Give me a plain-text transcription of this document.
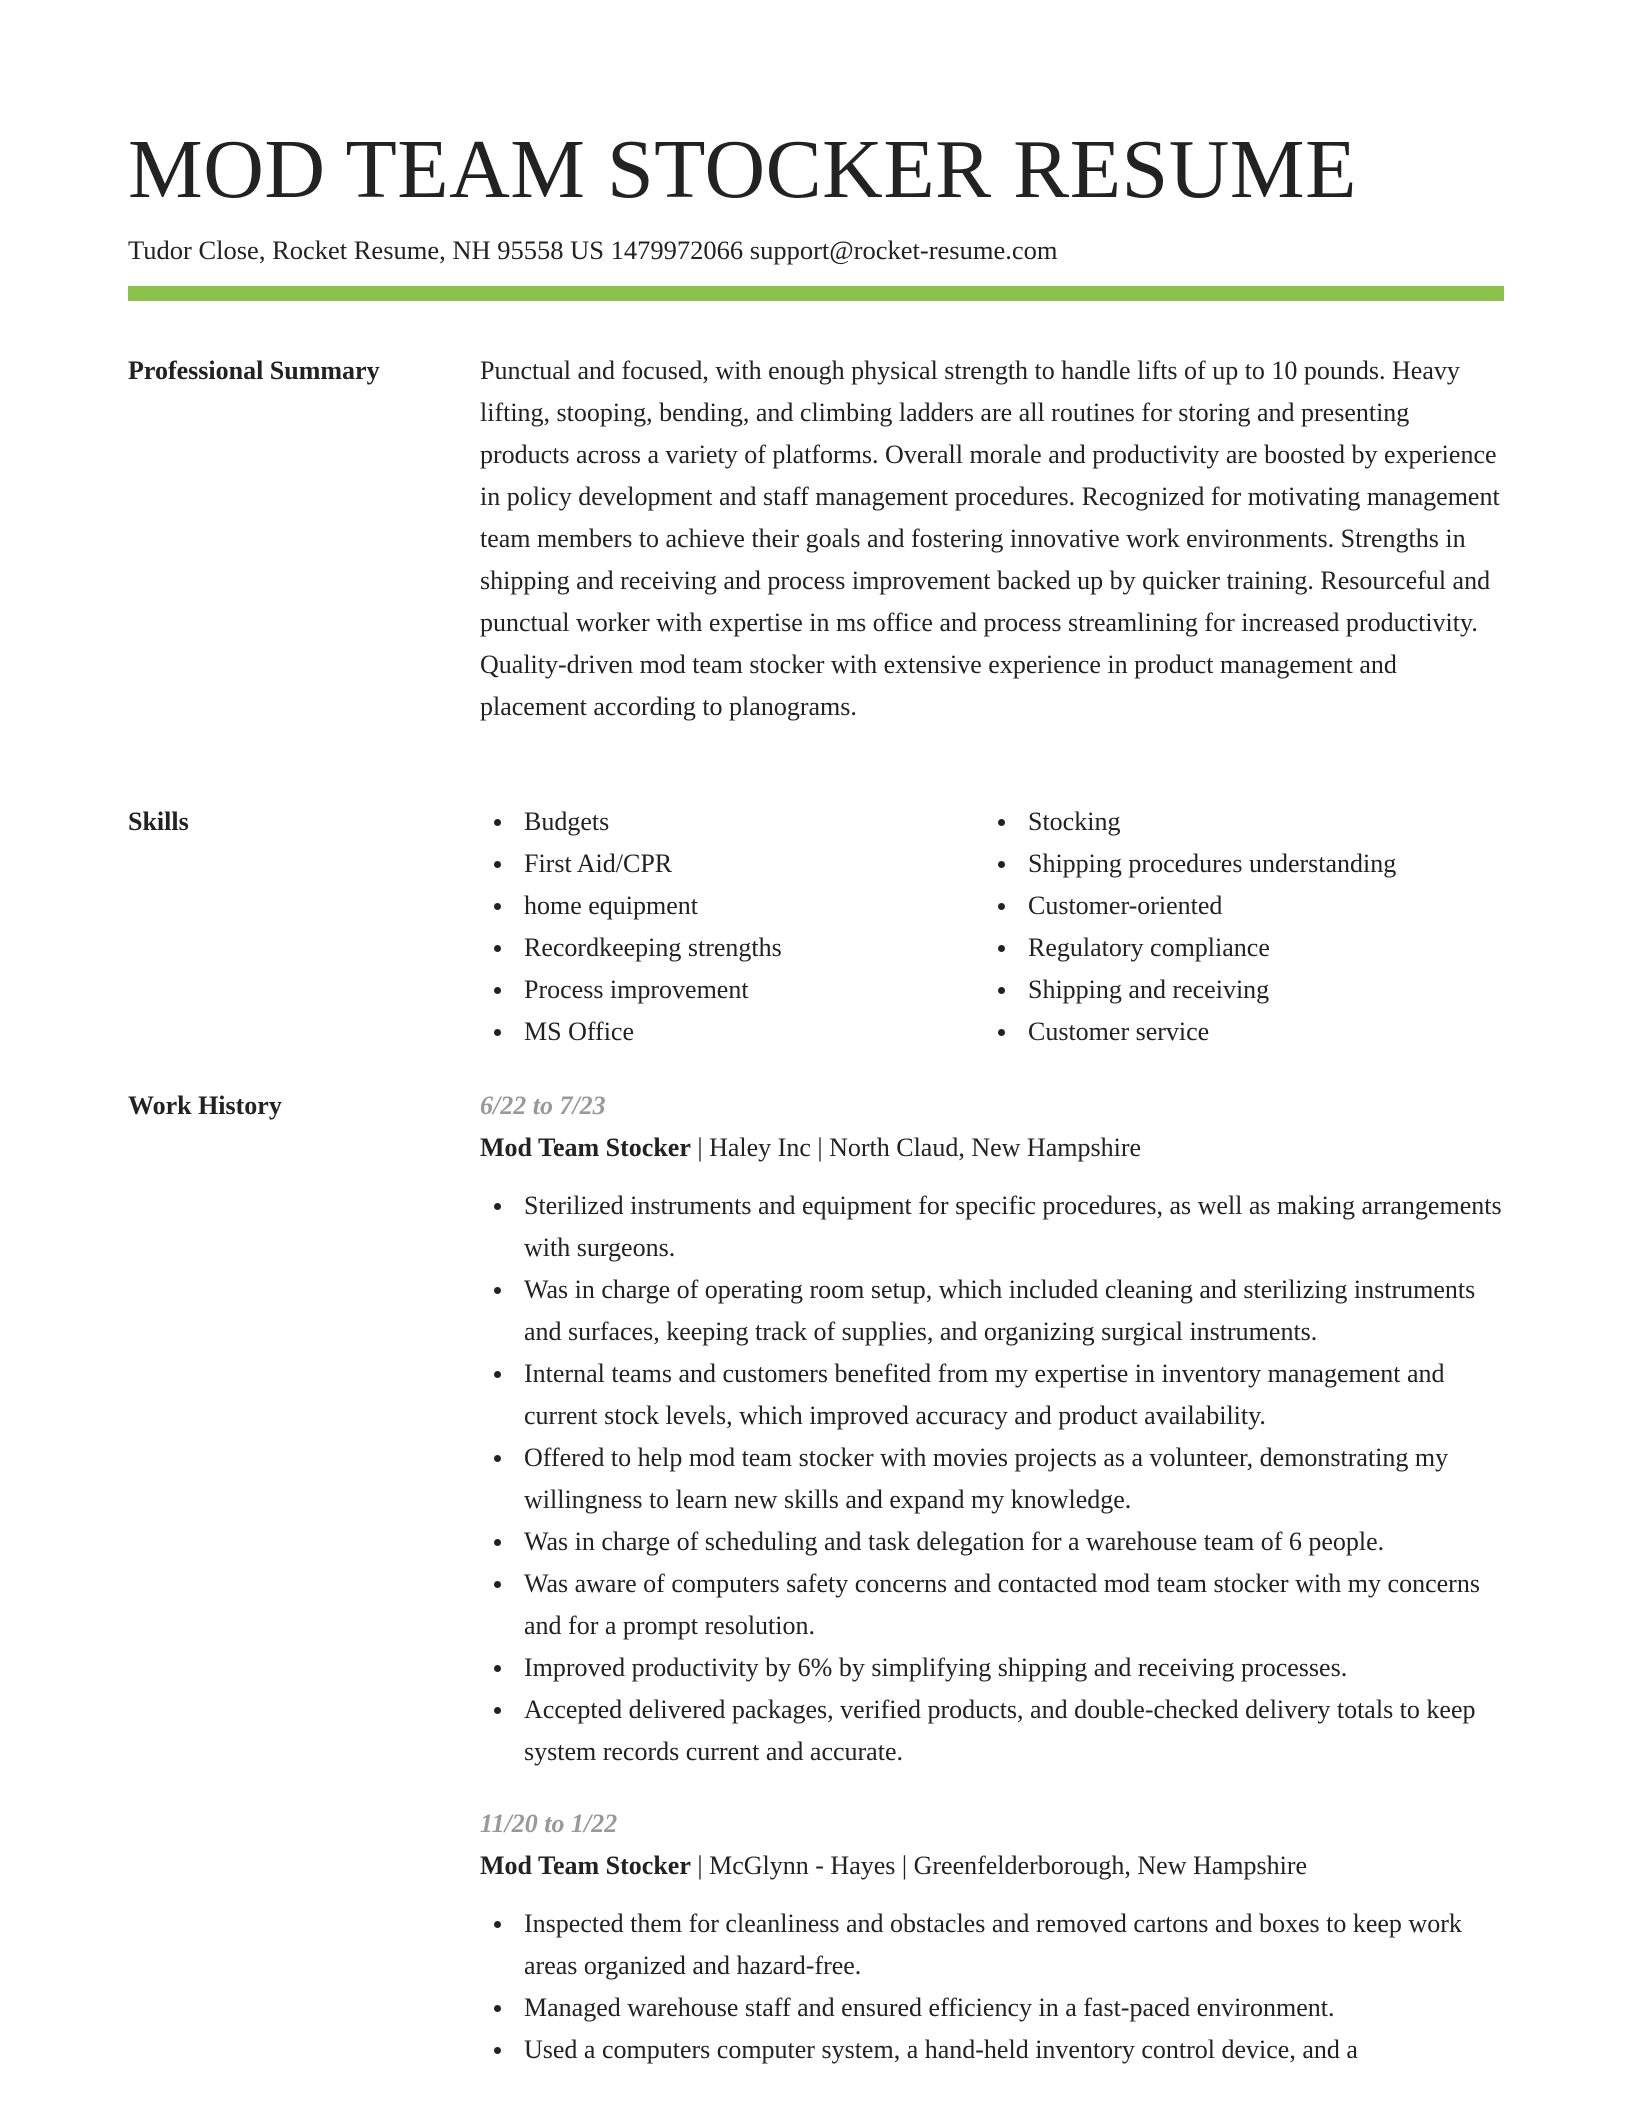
MOD TEAM STOCKER RESUME
Tudor Close, Rocket Resume, NH 95558 US 1479972066 support@rocket-resume.com
Professional Summary	Punctual and focused, with enough physical strength to handle lifts of up to 10 pounds. Heavy lifting, stooping, bending, and climbing ladders are all routines for storing and presenting products across a variety of platforms. Overall morale and productivity are boosted by experience in policy development and staff management procedures. Recognized for motivating management team members to achieve their goals and fostering innovative work environments. Strengths in shipping and receiving and process improvement backed up by quicker training. Resourceful and punctual worker with expertise in ms office and process streamlining for increased productivity. Quality-driven mod team stocker with extensive experience in product management and placement according to planograms.

Skills	Budgets
First Aid/CPR
home equipment
Recordkeeping strengths
Process improvement
MS Office
Stocking
Shipping procedures understanding
Customer-oriented
Regulatory compliance
Shipping and receiving
Customer service
Work History	6/22 to 7/23
Mod Team Stocker | Haley Inc | North Claud, New Hampshire
Sterilized instruments and equipment for specific procedures, as well as making arrangements with surgeons.
Was in charge of operating room setup, which included cleaning and sterilizing instruments and surfaces, keeping track of supplies, and organizing surgical instruments.
Internal teams and customers benefited from my expertise in inventory management and current stock levels, which improved accuracy and product availability.
Offered to help mod team stocker with movies projects as a volunteer, demonstrating my willingness to learn new skills and expand my knowledge.
Was in charge of scheduling and task delegation for a warehouse team of 6 people.
Was aware of computers safety concerns and contacted mod team stocker with my concerns and for a prompt resolution.
Improved productivity by 6% by simplifying shipping and receiving processes.
Accepted delivered packages, verified products, and double-checked delivery totals to keep system records current and accurate.
11/20 to 1/22
Mod Team Stocker | McGlynn - Hayes | Greenfelderborough, New Hampshire
Inspected them for cleanliness and obstacles and removed cartons and boxes to keep work areas organized and hazard-free.
Managed warehouse staff and ensured efficiency in a fast-paced environment.
Used a computers computer system, a hand-held inventory control device, and a
